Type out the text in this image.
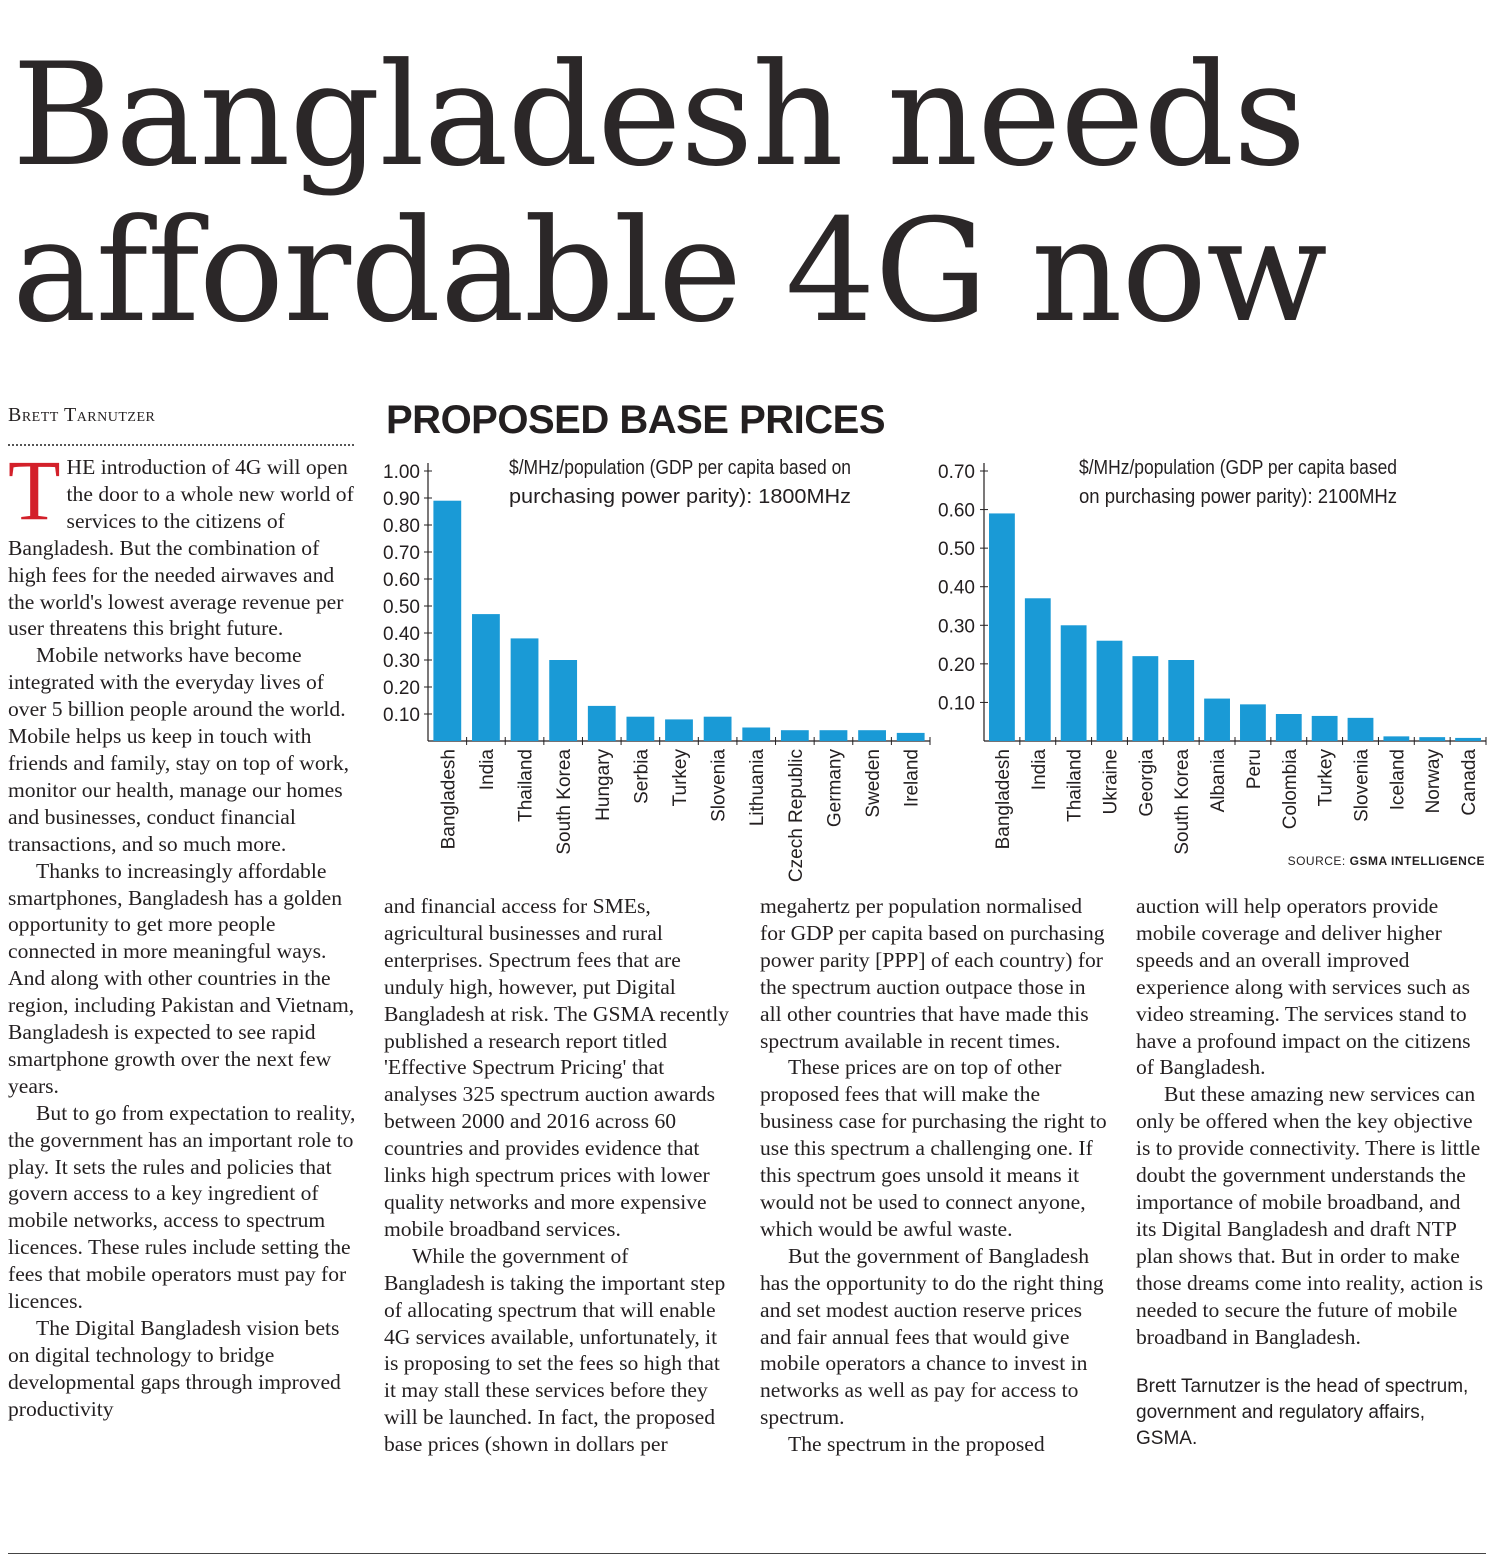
Bangladesh needs
affordable 4G now
Brett Tarnutzer

THE introduction of 4G will open the door to a whole new world of services to the citizens of Bangladesh. But the combination of high fees for the needed airwaves and the world's lowest average revenue per user threatens this bright future.

Mobile networks have become integrated with the everyday lives of over 5 billion people around the world. Mobile helps us keep in touch with friends and family, stay on top of work, monitor our health, manage our homes and businesses, conduct financial transactions, and so much more.

Thanks to increasingly affordable smartphones, Bangladesh has a golden opportunity to get more people connected in more meaningful ways. And along with other countries in the region, including Pakistan and Vietnam, Bangladesh is expected to see rapid smartphone growth over the next few years.

But to go from expectation to reality, the government has an important role to play. It sets the rules and policies that govern access to a key ingredient of mobile networks, access to spectrum licences. These rules include setting the fees that mobile operators must pay for licences.

The Digital Bangladesh vision bets on digital technology to bridge developmental gaps through improved productivity

and financial access for SMEs, agricultural businesses and rural enterprises. Spectrum fees that are unduly high, however, put Digital Bangladesh at risk. The GSMA recently published a research report titled 'Effective Spectrum Pricing' that analyses 325 spectrum auction awards between 2000 and 2016 across 60 countries and provides evidence that links high spectrum prices with lower quality networks and more expensive mobile broadband services.

While the government of Bangladesh is taking the important step of allocating spectrum that will enable 4G services available, unfortunately, it is proposing to set the fees so high that it may stall these services before they will be launched. In fact, the proposed base prices (shown in dollars per

megahertz per population normalised for GDP per capita based on purchasing power parity [PPP] of each country) for the spectrum auction outpace those in all other countries that have made this spectrum available in recent times.

These prices are on top of other proposed fees that will make the business case for purchasing the right to use this spectrum a challenging one. If this spectrum goes unsold it means it would not be used to connect anyone, which would be awful waste.

But the government of Bangladesh has the opportunity to do the right thing and set modest auction reserve prices and fair annual fees that would give mobile operators a chance to invest in networks as well as pay for access to spectrum.

The spectrum in the proposed

auction will help operators provide mobile coverage and deliver higher speeds and an overall improved experience along with services such as video streaming. The services stand to have a profound impact on the citizens of Bangladesh.

But these amazing new services can only be offered when the key objective is to provide connectivity. There is little doubt the government understands the importance of mobile broadband, and its Digital Bangladesh and draft NTP plan shows that. But in order to make those dreams come into reality, action is needed to secure the future of mobile broadband in Bangladesh.

Brett Tarnutzer is the head of spectrum, government and regulatory affairs, GSMA.

PROPOSED BASE PRICES
$/MHz/population (GDP per capita based on
purchasing power parity): 1800MHz
1.00
0.90
0.80
0.70
0.60
0.50
0.40
0.30
0.20
0.10
Bangladesh India Thailand South Korea Hungary Serbia Turkey Slovenia Lithuania Czech Republic Germany Sweden Ireland
$/MHz/population (GDP per capita based
on purchasing power parity): 2100MHz
0.70
0.60
0.50
0.40
0.30
0.20
0.10
Bangladesh India Thailand Ukraine Georgia South Korea Albania Peru Colombia Turkey Slovenia Iceland Norway Canada
SOURCE: GSMA INTELLIGENCE
